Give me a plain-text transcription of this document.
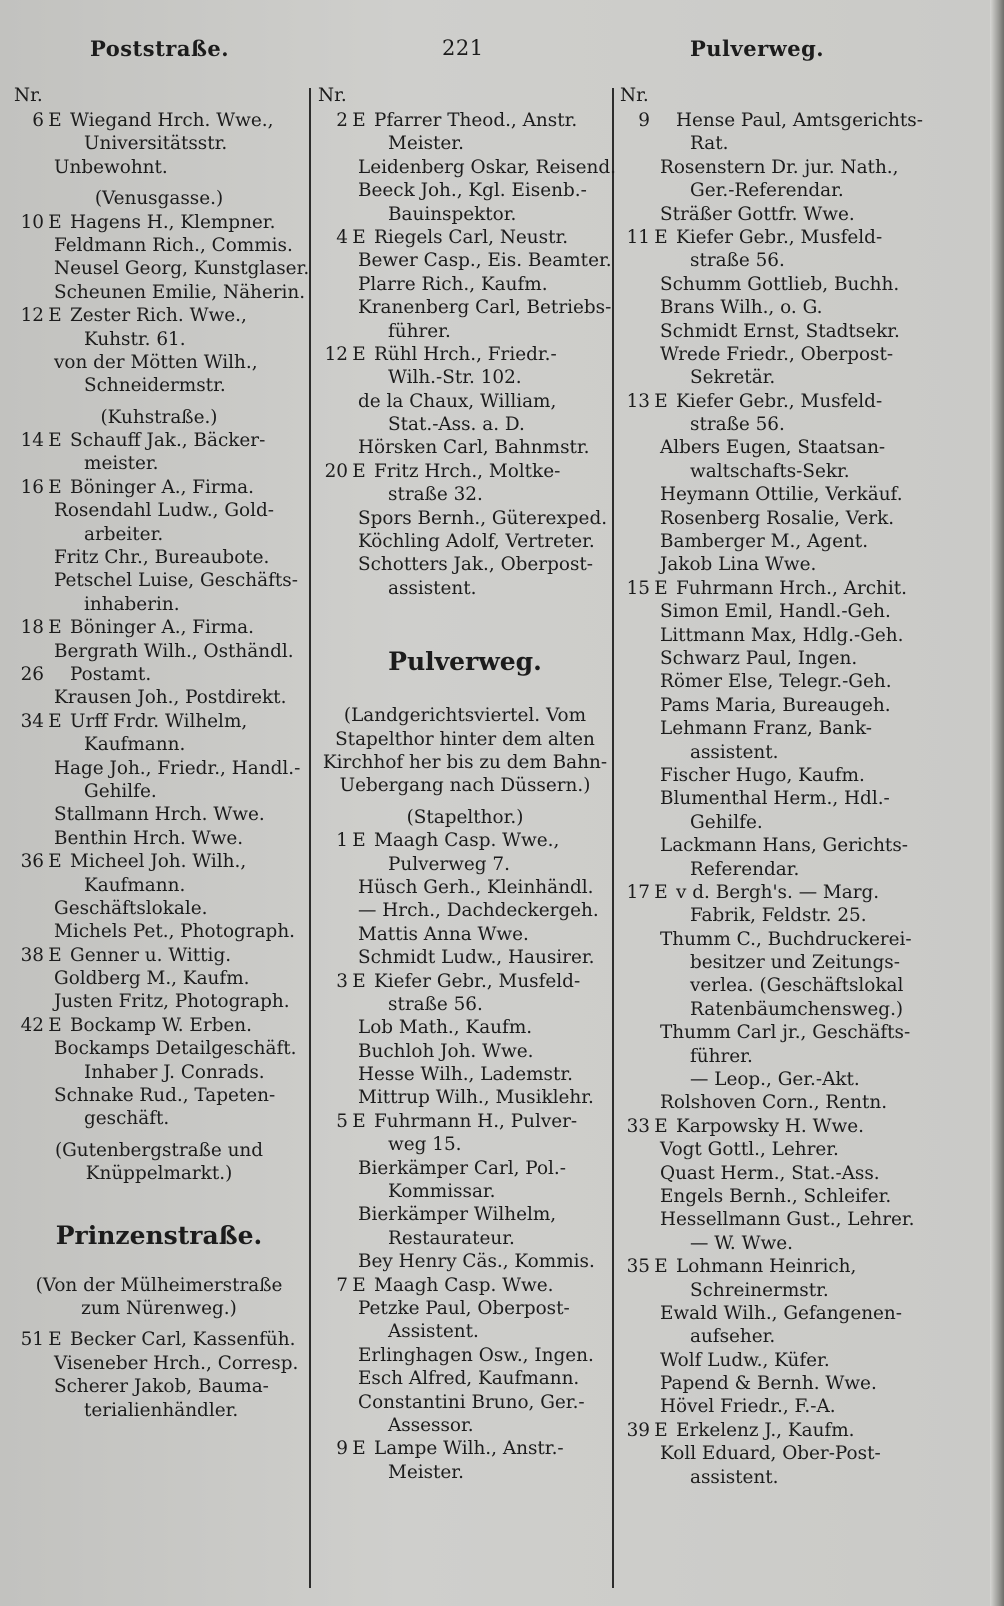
Poststraße.	221	Pulverweg.
Nr.
6 E Wiegand Hrch. Wwe.,
Universitätsstr.
Unbewohnt.
(Venusgasse.)
10 E Hagens H., Klempner.
Feldmann Rich., Commis.
Neusel Georg, Kunstglaser.
Scheunen Emilie, Näherin.
12 E Zester Rich. Wwe.,
Kuhstr. 61.
von der Mötten Wilh.,
Schneidermstr.
(Kuhstraße.)
14 E Schauff Jak., Bäcker-
meister.
16 E Böninger A., Firma.
Rosendahl Ludw., Gold-
arbeiter.
Fritz Chr., Bureaubote.
Petschel Luise, Geschäfts-
inhaberin.
18 E Böninger A., Firma.
Bergrath Wilh., Osthändl.
26 Postamt.
Krausen Joh., Postdirekt.
34 E Urff Frdr. Wilhelm,
Kaufmann.
Hage Joh., Friedr., Handl.-
Gehilfe.
Stallmann Hrch. Wwe.
Benthin Hrch. Wwe.
36 E Micheel Joh. Wilh.,
Kaufmann.
Geschäftslokale.
Michels Pet., Photograph.
38 E Genner u. Wittig.
Goldberg M., Kaufm.
Justen Fritz, Photograph.
42 E Bockamp W. Erben.
Bockamps Detailgeschäft.
Inhaber J. Conrads.
Schnake Rud., Tapeten-
geschäft.
(Gutenbergstraße und
Knüppelmarkt.)
Prinzenstraße.
(Von der Mülheimerstraße
zum Nürenweg.)
51 E Becker Carl, Kassenfüh.
Viseneber Hrch., Corresp.
Scherer Jakob, Bauma-
terialienhändler.
Nr.
2 E Pfarrer Theod., Anstr.
Meister.
Leidenberg Oskar, Reisend.
Beeck Joh., Kgl. Eisenb.-
Bauinspektor.
4 E Riegels Carl, Neustr.
Bewer Casp., Eis. Beamter.
Plarre Rich., Kaufm.
Kranenberg Carl, Betriebs-
führer.
12 E Rühl Hrch., Friedr.-
Wilh.-Str. 102.
de la Chaux, William,
Stat.-Ass. a. D.
Hörsken Carl, Bahnmstr.
20 E Fritz Hrch., Moltke-
straße 32.
Spors Bernh., Güterexped.
Köchling Adolf, Vertreter.
Schotters Jak., Oberpost-
assistent.
Pulverweg.
(Landgerichtsviertel. Vom
Stapelthor hinter dem alten
Kirchhof her bis zu dem Bahn-
Uebergang nach Düssern.)
(Stapelthor.)
1 E Maagh Casp. Wwe.,
Pulverweg 7.
Hüsch Gerh., Kleinhändl.
— Hrch., Dachdeckergeh.
Mattis Anna Wwe.
Schmidt Ludw., Hausirer.
3 E Kiefer Gebr., Musfeld-
straße 56.
Lob Math., Kaufm.
Buchloh Joh. Wwe.
Hesse Wilh., Lademstr.
Mittrup Wilh., Musiklehr.
5 E Fuhrmann H., Pulver-
weg 15.
Bierkämper Carl, Pol.-
Kommissar.
Bierkämper Wilhelm,
Restaurateur.
Bey Henry Cäs., Kommis.
7 E Maagh Casp. Wwe.
Petzke Paul, Oberpost-
Assistent.
Erlinghagen Osw., Ingen.
Esch Alfred, Kaufmann.
Constantini Bruno, Ger.-
Assessor.
9 E Lampe Wilh., Anstr.-
Meister.
Nr.
9 Hense Paul, Amtsgerichts-
Rat.
Rosenstern Dr. jur. Nath.,
Ger.-Referendar.
Sträßer Gottfr. Wwe.
11 E Kiefer Gebr., Musfeld-
straße 56.
Schumm Gottlieb, Buchh.
Brans Wilh., o. G.
Schmidt Ernst, Stadtsekr.
Wrede Friedr., Oberpost-
Sekretär.
13 E Kiefer Gebr., Musfeld-
straße 56.
Albers Eugen, Staatsan-
waltschafts-Sekr.
Heymann Ottilie, Verkäuf.
Rosenberg Rosalie, Verk.
Bamberger M., Agent.
Jakob Lina Wwe.
15 E Fuhrmann Hrch., Archit.
Simon Emil, Handl.-Geh.
Littmann Max, Hdlg.-Geh.
Schwarz Paul, Ingen.
Römer Else, Telegr.-Geh.
Pams Maria, Bureaugeh.
Lehmann Franz, Bank-
assistent.
Fischer Hugo, Kaufm.
Blumenthal Herm., Hdl.-
Gehilfe.
Lackmann Hans, Gerichts-
Referendar.
17 E v d. Bergh's. — Marg.
Fabrik, Feldstr. 25.
Thumm C., Buchdruckerei-
besitzer und Zeitungs-
verlea. (Geschäftslokal
Ratenbäumchensweg.)
Thumm Carl jr., Geschäfts-
führer.
— Leop., Ger.-Akt.
Rolshoven Corn., Rentn.
33 E Karpowsky H. Wwe.
Vogt Gottl., Lehrer.
Quast Herm., Stat.-Ass.
Engels Bernh., Schleifer.
Hessellmann Gust., Lehrer.
— W. Wwe.
35 E Lohmann Heinrich,
Schreinermstr.
Ewald Wilh., Gefangenen-
aufseher.
Wolf Ludw., Küfer.
Papend & Bernh. Wwe.
Hövel Friedr., F.-A.
39 E Erkelenz J., Kaufm.
Koll Eduard, Ober-Post-
assistent.
